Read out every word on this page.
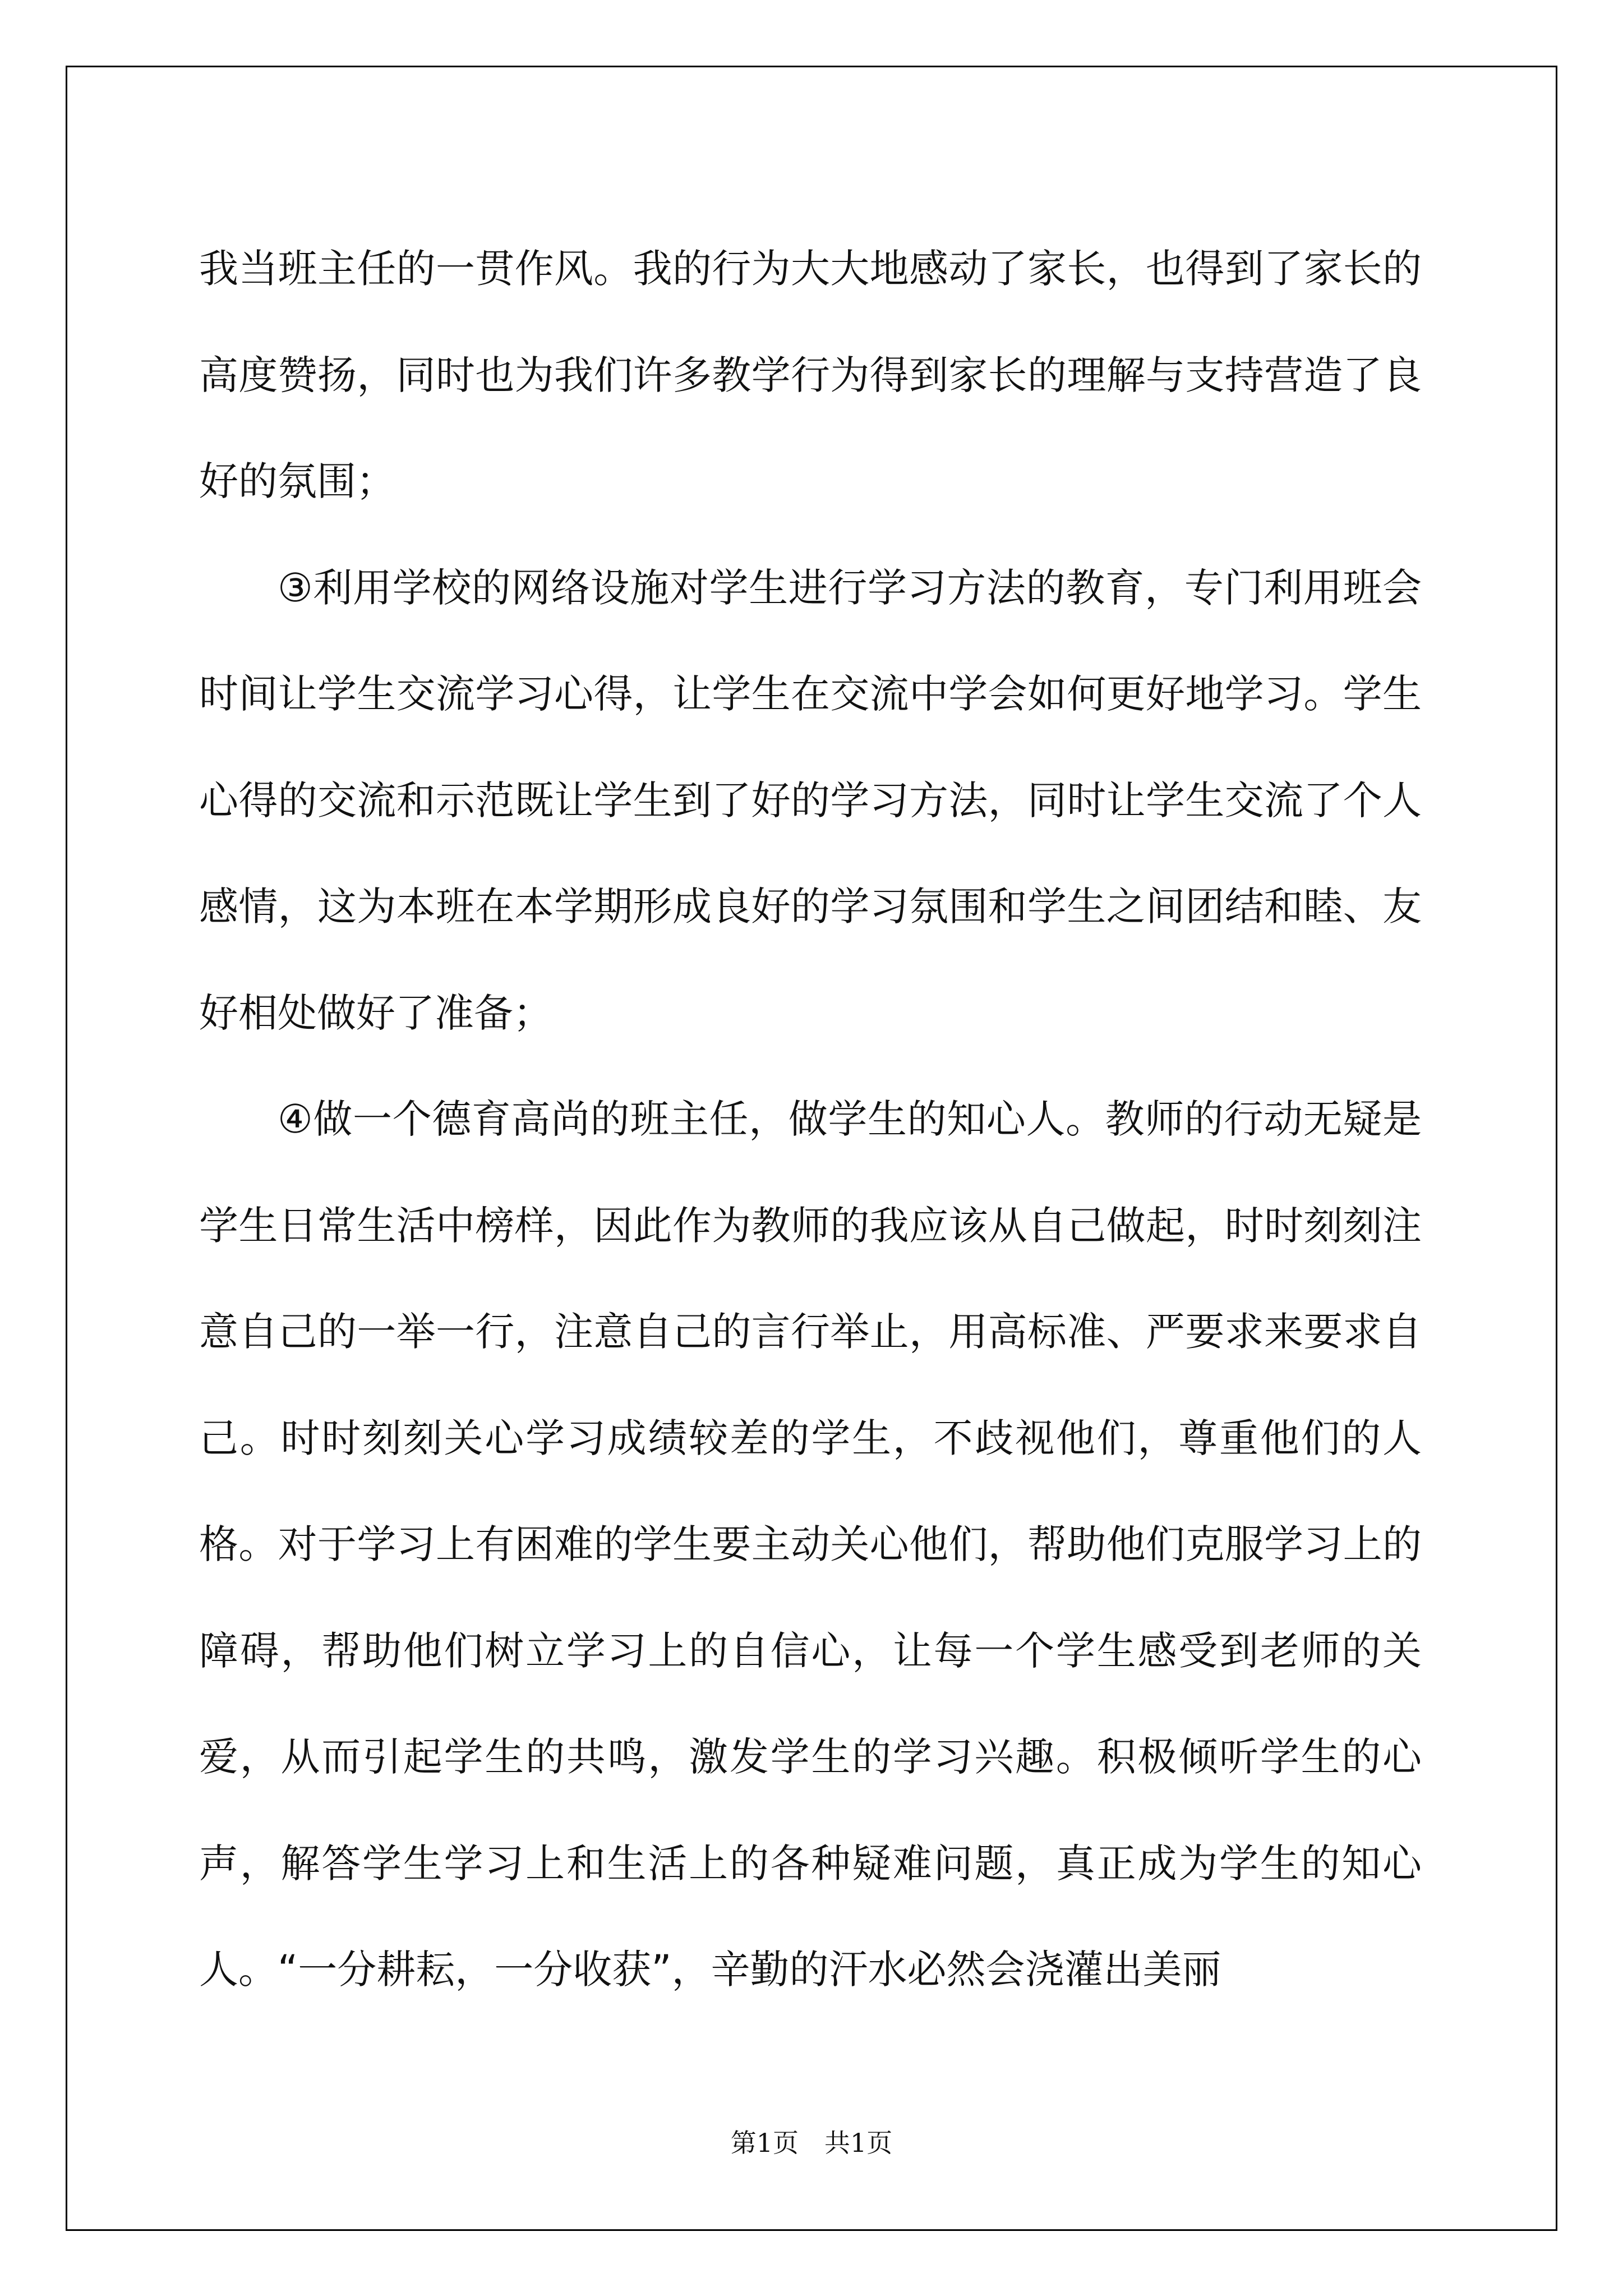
我当班主任的一贯作风。我的行为大大地感动了家长，也得到了家长的高度赞扬，同时也为我们许多教学行为得到家长的理解与支持营造了良好的氛围；

③利用学校的网络设施对学生进行学习方法的教育，专门利用班会时间让学生交流学习心得，让学生在交流中学会如何更好地学习。学生心得的交流和示范既让学生到了好的学习方法，同时让学生交流了个人感情，这为本班在本学期形成良好的学习氛围和学生之间团结和睦、友好相处做好了准备；

④做一个德育高尚的班主任，做学生的知心人。教师的行动无疑是学生日常生活中榜样，因此作为教师的我应该从自己做起，时时刻刻注意自己的一举一行，注意自己的言行举止，用高标准、严要求来要求自己。时时刻刻关心学习成绩较差的学生，不歧视他们，尊重他们的人格。对于学习上有困难的学生要主动关心他们，帮助他们克服学习上的障碍，帮助他们树立学习上的自信心，让每一个学生感受到老师的关爱，从而引起学生的共鸣，激发学生的学习兴趣。积极倾听学生的心声，解答学生学习上和生活上的各种疑难问题，真正成为学生的知心人。“一分耕耘，一分收获”，辛勤的汗水必然会浇灌出美丽

第1页 共1页
